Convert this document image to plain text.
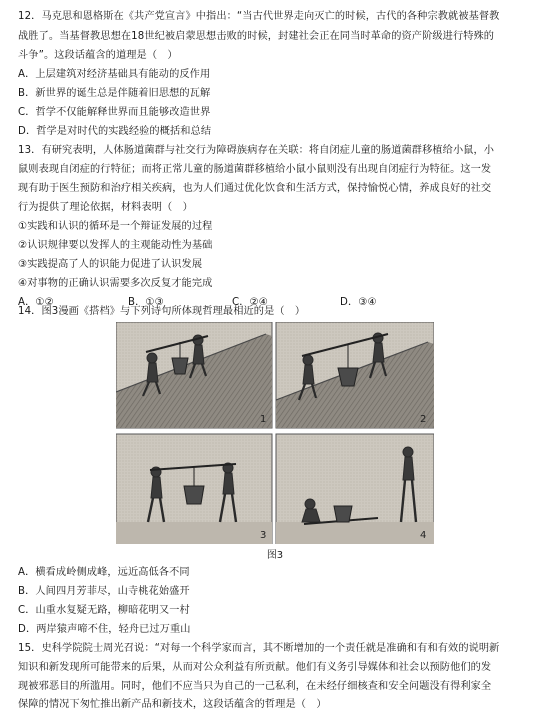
12．马克思和恩格斯在《共产党宣言》中指出：“当古代世界走向灭亡的时候，古代的各种宗教就被基督教
战胜了。当基督教思想在18世纪被启蒙思想击败的时候，封建社会正在同当时革命的资产阶级进行特殊的
斗争”。这段话蕴含的道理是（　）
A．上层建筑对经济基础具有能动的反作用
B．新世界的诞生总是伴随着旧思想的瓦解
C．哲学不仅能解释世界而且能够改造世界
D．哲学是对时代的实践经验的概括和总结
13．有研究表明，人体肠道菌群与社交行为障碍族病存在关联：将自闭症儿童的肠道菌群移植给小鼠，小
鼠则表现自闭症的行特征；而将正常儿童的肠道菌群移植给小鼠小鼠则没有出现自闭症行为特征。这一发
现有助于医生预防和治疗相关疾病，也为人们通过优化饮食和生活方式，保持愉悦心情，养成良好的社交
行为提供了理论依据，材料表明（　）
①实践和认识的循环是一个辩证发展的过程
②认识规律要以发挥人的主观能动性为基础
③实践提高了人的识能力促进了认识发展
④对事物的正确认识需要多次反复才能完成
A．①②	B．①③	C．②④	D．③④
14．图3漫画《搭档》与下列诗句所体现哲理最相近的是（　）
1	2
3	4
图3
A．横看成岭侧成峰，远近高低各不同
B．人间四月芳菲尽，山寺桃花始盛开
C．山重水复疑无路，柳暗花明又一村
D．两岸猿声啼不住，轻舟已过万重山
15．史科学院院士周光召说：“对每一个科学家而言，其不断增加的一个责任就是准确和有和有效的说明新
知识和新发现所可能带来的后果，从而对公众利益有所贡献。他们有义务引导媒体和社会以预防他们的发
现被邪恶目的所滥用。同时，他们不应当只为自己的一己私利，在未经仔细核查和安全问题没有得利家全
保障的情况下匆忙推出新产品和新技术，这段话蕴含的哲理是（　）
